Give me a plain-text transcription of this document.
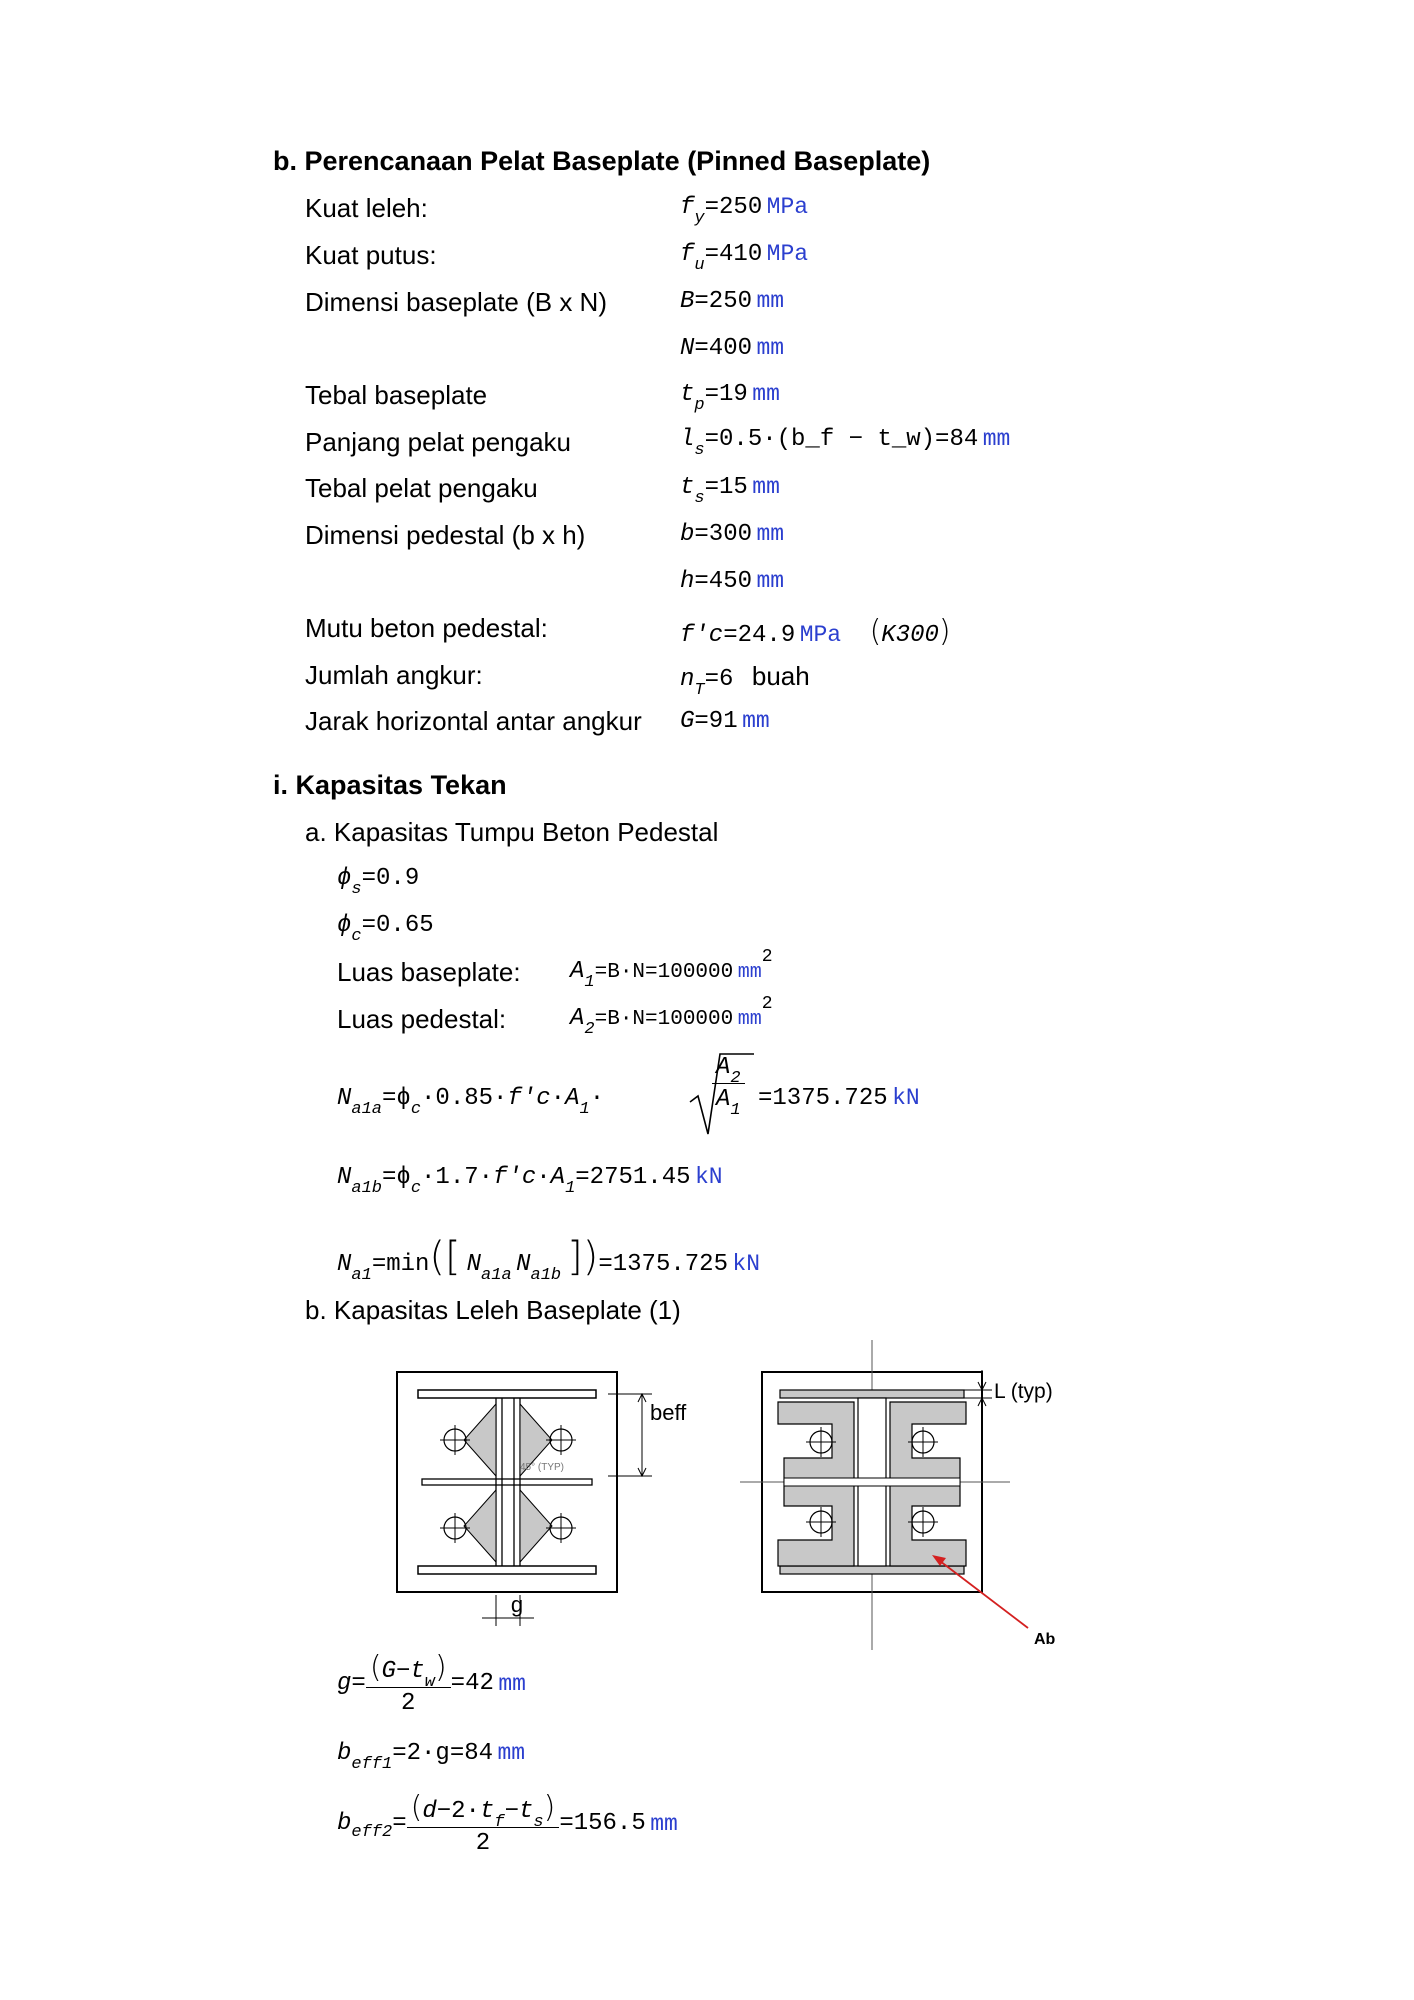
b. Perencanaan Pelat Baseplate (Pinned Baseplate)
Kuat leleh:
Kuat putus:
Dimensi baseplate (B x N)
Tebal baseplate
Panjang pelat pengaku
Tebal pelat pengaku
Dimensi pedestal (b x h)
Mutu beton pedestal:
Jumlah angkur:
Jarak horizontal antar angkur
fy=250 MPa
fu=410 MPa
B=250 mm
N=400 mm
tp=19 mm
ls=0.5·(b_f − t_w)=84 mm
ts=15 mm
b=300 mm
h=450 mm
f'c=24.9 MPa (K300)
nT=6 buah
G=91 mm
i. Kapasitas Tekan
a. Kapasitas Tumpu Beton Pedestal
ϕs=0.9
ϕc=0.65
Luas baseplate: A1=B·N=100000 mm2
Luas pedestal:	A2=B·N=100000 mm2
Na1a=ϕc·0.85·f'c·A1·	$\frac{A2}{A1} =1375.725$ kN
Na1b=ϕc·1.7·f'c·A1=2751.45 kN
Na1=min([ Na1a Na1b ])=1375.725 kN
b. Kapasitas Leleh Baseplate (1)
beff
45° (TYP)
g
L (typ)
Ab
$g = \frac{(G-tw)}{2} =42$
mm
beff1=2·g=84 mm
b $eff2 = \frac{(d-2\cdot tf-ts)}{2} =156.5$
mm
